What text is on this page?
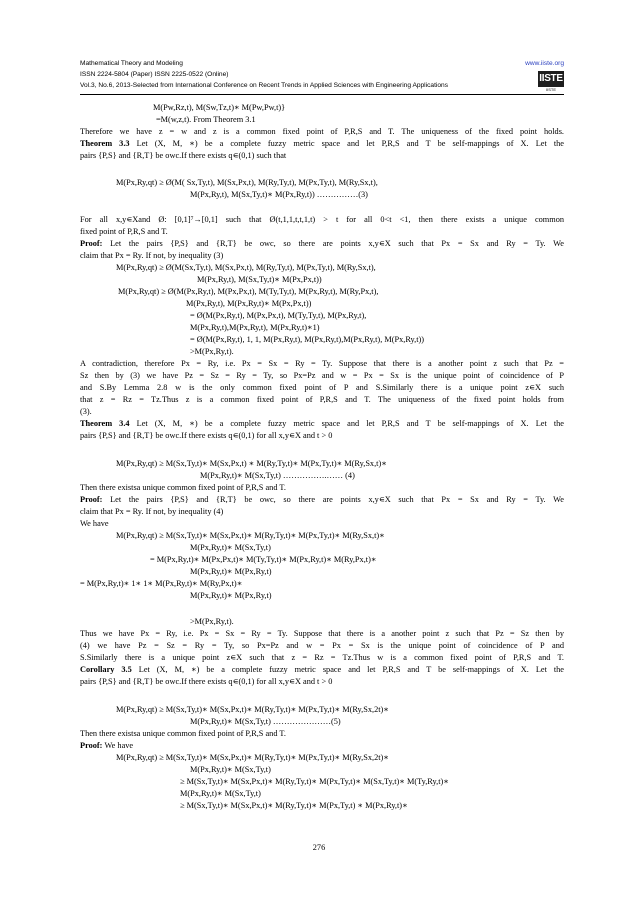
Mathematical Theory and Modeling	www.iiste.org
ISSN 2224-5804 (Paper) ISSN 2225-0522 (Online)
Vol.3, No.6, 2013-Selected from International Conference on Recent Trends in Applied Sciences with Engineering Applications
IISTE
IISTE
M(Pw,Rz,t), M(Sw,Tz,t)∗ M(Pw,Pw,t)}
=M(w,z,t). From Theorem 3.1
Therefore we have z = w and z is a common fixed point of P,R,S and T. The uniqueness of the fixed point holds.
Theorem 3.3 Let (X, M, ∗) be a complete fuzzy metric space and let P,R,S and T be self-mappings of X. Let the
pairs {P,S} and {R,T} be owc.If there exists q∊(0,1) such that
M(Px,Ry,qt) ≥ Ø(M( Sx,Ty,t), M(Sx,Px,t), M(Ry,Ty,t), M(Px,Ty,t), M(Ry,Sx,t),
M(Px,Ry,t), M(Sx,Ty,t)∗ M(Px,Ry,t)) ……………(3)
For all x,y∊Xand Ø: [0,1]⁷→[0,1] such that Ø(t,1,1,t,t,1,t) > t for all 0<t <1, then there exists a unique common
fixed point of P,R,S and T.
Proof: Let the pairs {P,S} and {R,T} be owc, so there are points x,y∊X such that Px = Sx and Ry = Ty. We
claim that Px = Ry. If not, by inequality (3)
M(Px,Ry,qt) ≥ Ø(M(Sx,Ty,t), M(Sx,Px,t), M(Ry,Ty,t), M(Px,Ty,t), M(Ry,Sx,t),
M(Px,Ry,t), M(Sx,Ty,t)∗ M(Px,Px,t))
M(Px,Ry,qt) ≥ Ø(M(Px,Ry,t), M(Px,Px,t), M(Ty,Ty,t), M(Px,Ry,t), M(Ry,Px,t),
M(Px,Ry,t), M(Px,Ry,t)∗ M(Px,Px,t))
= Ø(M(Px,Ry,t), M(Px,Px,t), M(Ty,Ty,t), M(Px,Ry,t),
M(Px,Ry,t),M(Px,Ry,t), M(Px,Ry,t)∗1)
= Ø(M(Px,Ry,t), 1, 1, M(Px,Ry,t), M(Px,Ry,t),M(Px,Ry,t), M(Px,Ry,t))
>M(Px,Ry,t).
A contradiction, therefore Px = Ry, i.e. Px = Sx = Ry = Ty. Suppose that there is a another point z such that Pz =
Sz then by (3) we have Pz = Sz = Ry = Ty, so Px=Pz and w = Px = Sx is the unique point of coincidence of P
and S.By Lemma 2.8 w is the only common fixed point of P and S.Similarly there is a unique point z∊X such
that z = Rz = Tz.Thus z is a common fixed point of P,R,S and T. The uniqueness of the fixed point holds from
(3).
Theorem 3.4 Let (X, M, ∗) be a complete fuzzy metric space and let P,R,S and T be self-mappings of X. Let the
pairs {P,S} and {R,T} be owc.If there exists q∊(0,1) for all x,y∊X and t > 0
M(Px,Ry,qt) ≥ M(Sx,Ty,t)∗ M(Sx,Px,t) ∗ M(Ry,Ty,t)∗ M(Px,Ty,t)∗ M(Ry,Sx,t)∗
M(Px,Ry,t)∗ M(Sx,Ty,t) …………….…… (4)
Then there existsa unique common fixed point of P,R,S and T.
Proof: Let the pairs {P,S} and {R,T} be owc, so there are points x,y∊X such that Px = Sx and Ry = Ty. We
claim that Px = Ry. If not, by inequality (4)
We have
M(Px,Ry,qt) ≥ M(Sx,Ty,t)∗ M(Sx,Px,t)∗ M(Ry,Ty,t)∗ M(Px,Ty,t)∗ M(Ry,Sx,t)∗
M(Px,Ry,t)∗ M(Sx,Ty,t)
= M(Px,Ry,t)∗ M(Px,Px,t)∗ M(Ty,Ty,t)∗ M(Px,Ry,t)∗ M(Ry,Px,t)∗
M(Px,Ry,t)∗ M(Px,Ry,t)
= M(Px,Ry,t)∗ 1∗ 1∗ M(Px,Ry,t)∗ M(Ry,Px,t)∗
M(Px,Ry,t)∗ M(Px,Ry,t)
>M(Px,Ry,t).
Thus we have Px = Ry, i.e. Px = Sx = Ry = Ty. Suppose that there is a another point z such that Pz = Sz then by
(4) we have Pz = Sz = Ry = Ty, so Px=Pz and w = Px = Sx is the unique point of coincidence of P and
S.Similarly there is a unique point z∊X such that z = Rz = Tz.Thus w is a common fixed point of P,R,S and T.
Corollary 3.5 Let (X, M, ∗) be a complete fuzzy metric space and let P,R,S and T be self-mappings of X. Let the
pairs {P,S} and {R,T} be owc.If there exists q∊(0,1) for all x,y∊X and t > 0
M(Px,Ry,qt) ≥ M(Sx,Ty,t)∗ M(Sx,Px,t)∗ M(Ry,Ty,t)∗ M(Px,Ty,t)∗ M(Ry,Sx,2t)∗
M(Px,Ry,t)∗ M(Sx,Ty,t) …………………(5)
Then there existsa unique common fixed point of P,R,S and T.
Proof: We have
M(Px,Ry,qt) ≥ M(Sx,Ty,t)∗ M(Sx,Px,t)∗ M(Ry,Ty,t)∗ M(Px,Ty,t)∗ M(Ry,Sx,2t)∗
M(Px,Ry,t)∗ M(Sx,Ty,t)
≥ M(Sx,Ty,t)∗ M(Sx,Px,t)∗ M(Ry,Ty,t)∗ M(Px,Ty,t)∗ M(Sx,Ty,t)∗ M(Ty,Ry,t)∗
M(Px,Ry,t)∗ M(Sx,Ty,t)
≥ M(Sx,Ty,t)∗ M(Sx,Px,t)∗ M(Ry,Ty,t)∗ M(Px,Ty,t) ∗ M(Px,Ry,t)∗
276
